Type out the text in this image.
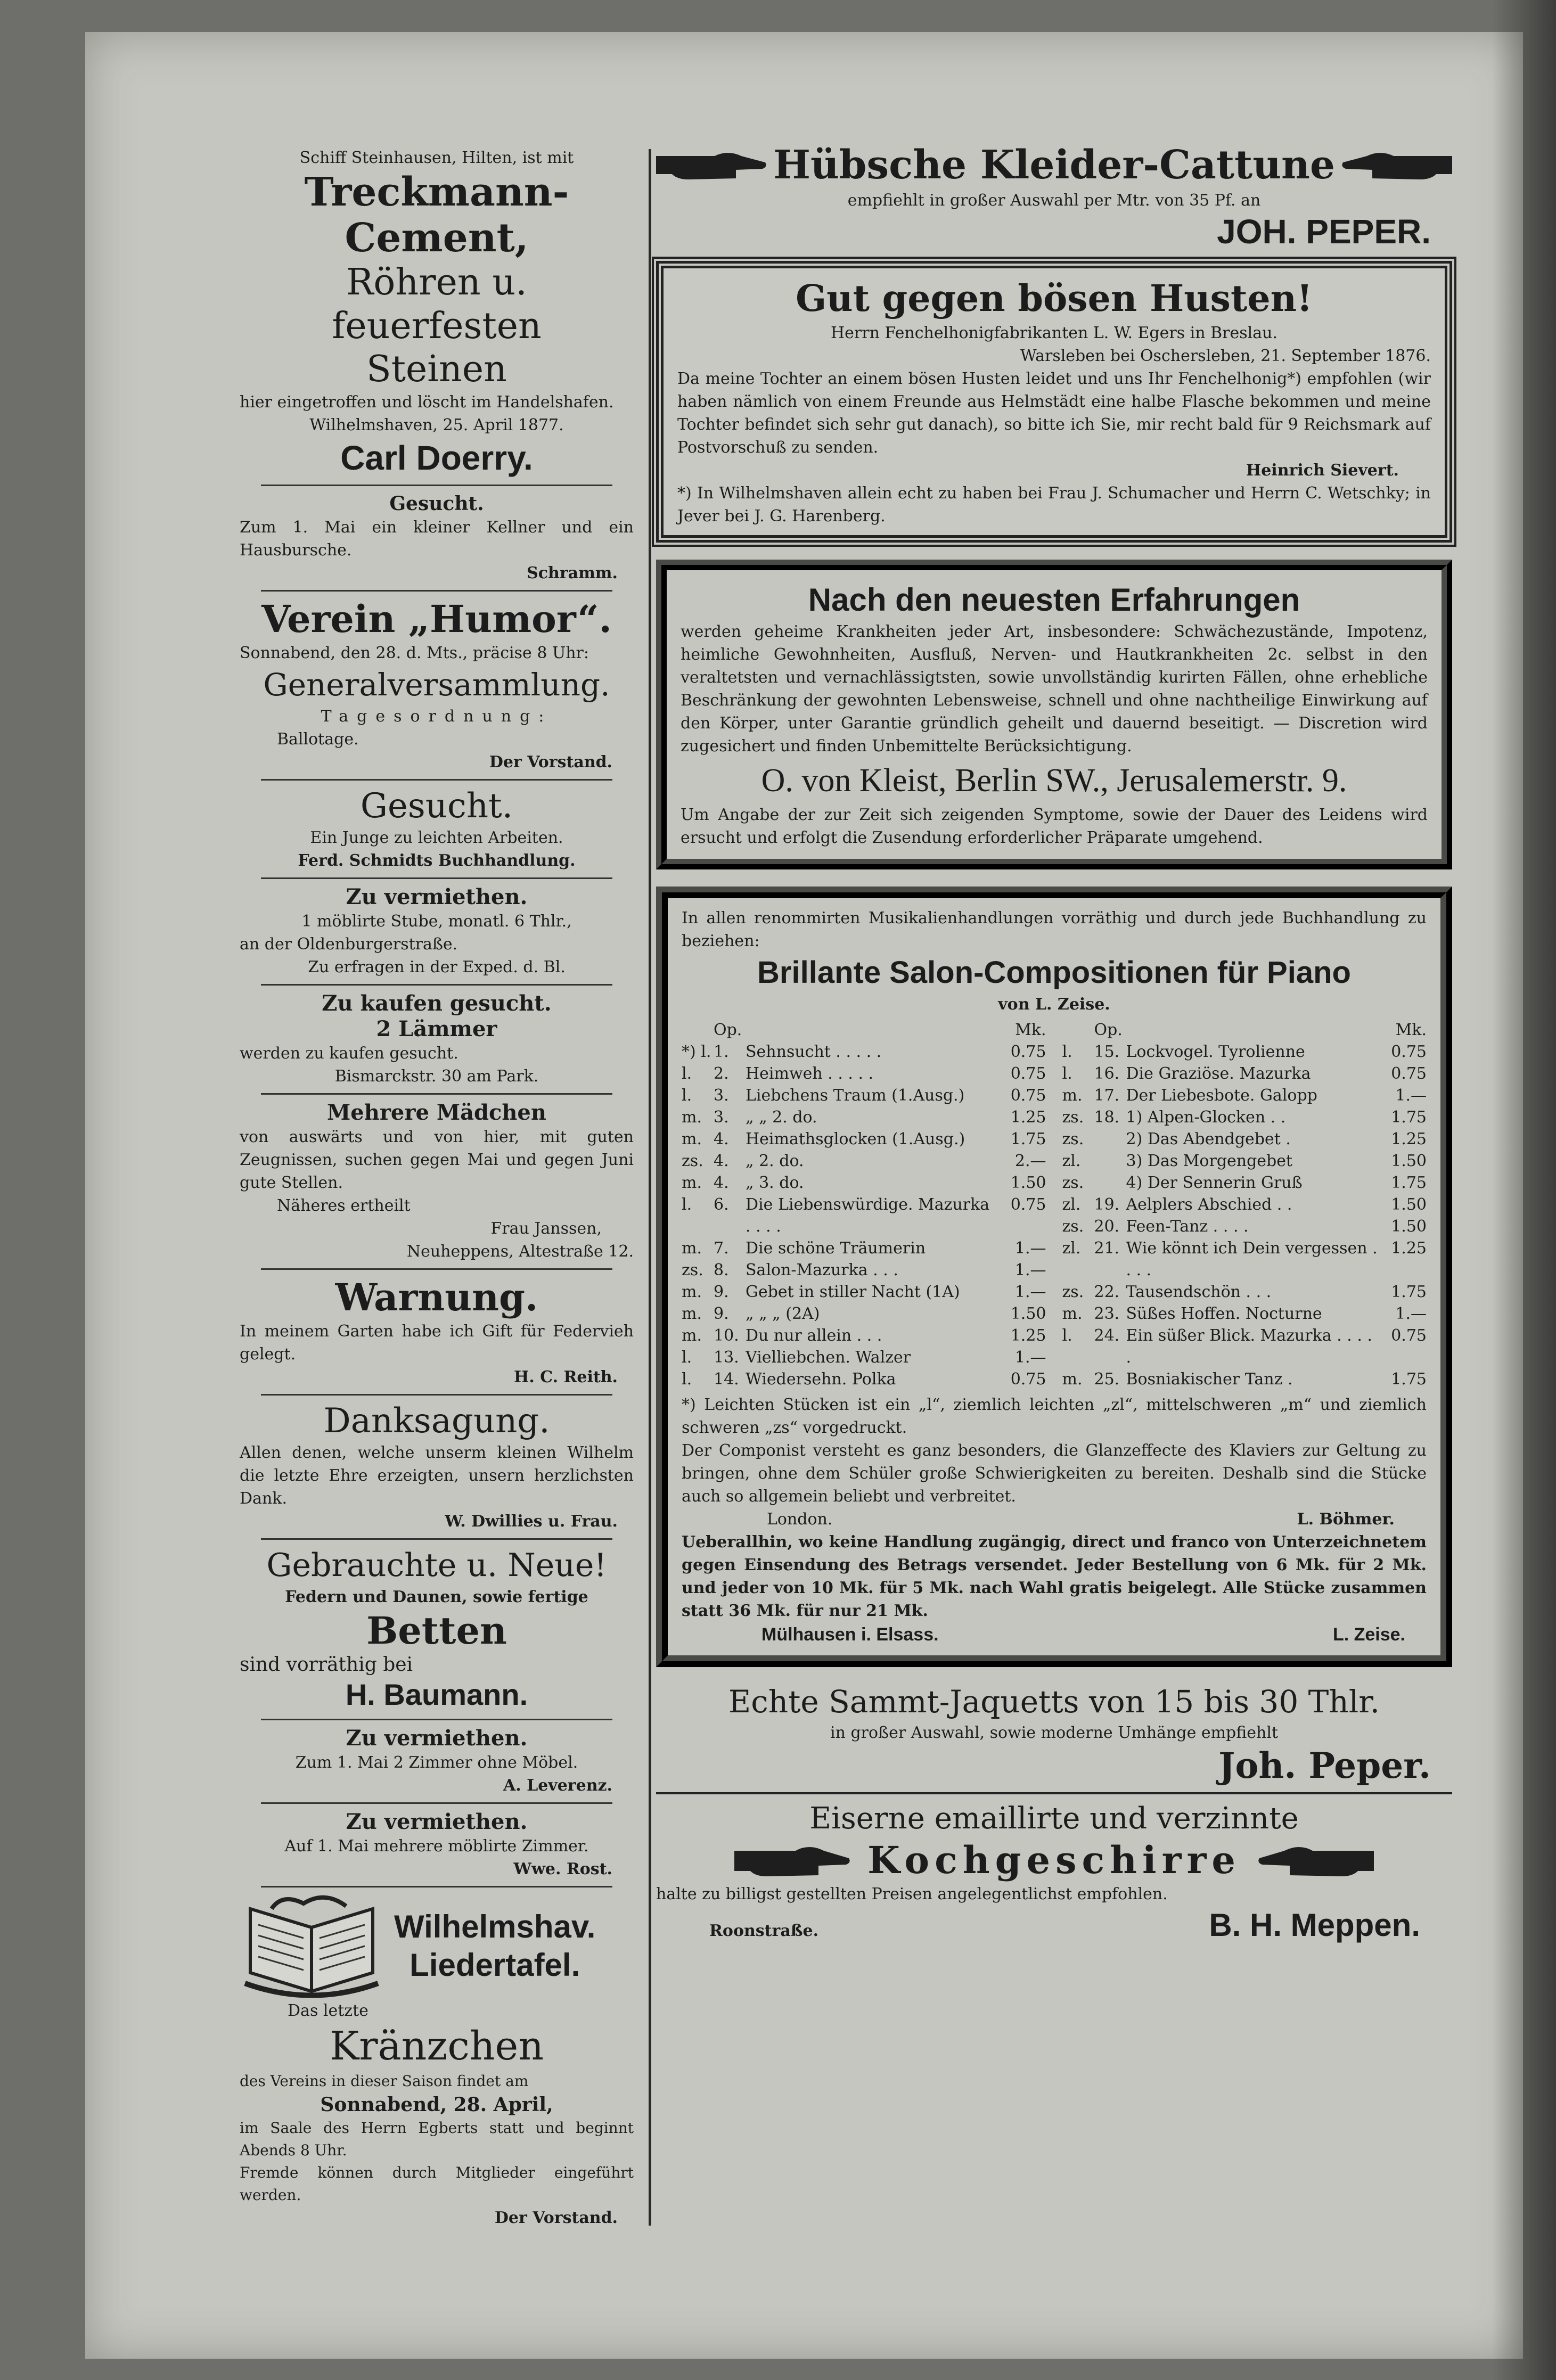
Schiff Steinhausen, Hilten, ist mit
Treckmann-Cement,
Röhren u. feuerfesten
Steinen
hier eingetroffen und löscht im Handelshafen.
Wilhelmshaven, 25. April 1877.
Carl Doerry.
Gesucht.
Zum 1. Mai ein kleiner Kellner und ein Hausbursche.
Schramm.
Verein „Humor“.
Sonnabend, den 28. d. Mts., präcise 8 Uhr:
Generalversammlung.
Tagesordnung:
Ballotage.
Der Vorstand.
Gesucht.
Ein Junge zu leichten Arbeiten.
Ferd. Schmidts Buchhandlung.
Zu vermiethen.
1 möblirte Stube, monatl. 6 Thlr.,
an der Oldenburgerstraße.
Zu erfragen in der Exped. d. Bl.
Zu kaufen gesucht.
2 Lämmer
werden zu kaufen gesucht.
Bismarckstr. 30 am Park.
Mehrere Mädchen
von auswärts und von hier, mit guten Zeugnissen, suchen gegen Mai und gegen Juni gute Stellen.
Näheres ertheilt
Frau Janssen,
Neuheppens, Altestraße 12.
Warnung.
In meinem Garten habe ich Gift für Federvieh gelegt.
H. C. Reith.
Danksagung.
Allen denen, welche unserm kleinen Wilhelm die letzte Ehre erzeigten, unsern herzlichsten Dank.
W. Dwillies u. Frau.
Gebrauchte u. Neue!
Federn und Daunen, sowie fertige
Betten
sind vorräthig bei
H. Baumann.
Zu vermiethen.
Zum 1. Mai 2 Zimmer ohne Möbel.
A. Leverenz.
Zu vermiethen.
Auf 1. Mai mehrere möblirte Zimmer.
Wwe. Rost.
Wilhelmshav.
Liedertafel.
Das letzte
Kränzchen
des Vereins in dieser Saison findet am
Sonnabend, 28. April,
im Saale des Herrn Egberts statt und beginnt Abends 8 Uhr.
Fremde können durch Mitglieder eingeführt werden.
Der Vorstand.
Hübsche Kleider-Cattune
empfiehlt in großer Auswahl per Mtr. von 35 Pf. an
JOH. PEPER.
Gut gegen bösen Husten!
Herrn Fenchelhonigfabrikanten L. W. Egers in Breslau.
Warsleben bei Oschersleben, 21. September 1876.
Da meine Tochter an einem bösen Husten leidet und uns Ihr Fenchelhonig*) empfohlen (wir haben nämlich von einem Freunde aus Helmstädt eine halbe Flasche bekommen und meine Tochter befindet sich sehr gut danach), so bitte ich Sie, mir recht bald für 9 Reichsmark auf Postvorschuß zu senden.
Heinrich Sievert.
*) In Wilhelmshaven allein echt zu haben bei Frau J. Schumacher und Herrn C. Wetschky; in Jever bei J. G. Harenberg.
Nach den neuesten Erfahrungen
werden geheime Krankheiten jeder Art, insbesondere: Schwächezustände, Impotenz, heimliche Gewohnheiten, Ausfluß, Nerven- und Hautkrankheiten 2c. selbst in den veraltetsten und vernachlässigtsten, sowie unvollständig kurirten Fällen, ohne erhebliche Beschränkung der gewohnten Lebensweise, schnell und ohne nachtheilige Einwirkung auf den Körper, unter Garantie gründlich geheilt und dauernd beseitigt. — Discretion wird zugesichert und finden Unbemittelte Berücksichtigung.
O. von Kleist, Berlin SW., Jerusalemerstr. 9.
Um Angabe der zur Zeit sich zeigenden Symptome, sowie der Dauer des Leidens wird ersucht und erfolgt die Zusendung erforderlicher Präparate umgehend.
In allen renommirten Musikalienhandlungen vorräthig und durch jede Buchhandlung zu beziehen:
Brillante Salon-Compositionen für Piano
von L. Zeise.
	Op.		Mk.
*) l.	1.	Sehnsucht . . . . .	0.75
l.	2.	Heimweh . . . . .	0.75
l.	3.	Liebchens Traum (1.Ausg.)	0.75
m.	3.	„ „ 2. do.	1.25
m.	4.	Heimathsglocken (1.Ausg.)	1.75
zs.	4.	„ 2. do.	2.—
m.	4.	„ 3. do.	1.50
l.	6.	Die Liebenswürdige. Mazurka . . . .	0.75
m.	7.	Die schöne Träumerin	1.—
zs.	8.	Salon-Mazurka . . .	1.—
m.	9.	Gebet in stiller Nacht (1A)	1.—
m.	9.	„ „ „ (2A)	1.50
m.	10.	Du nur allein . . .	1.25
l.	13.	Vielliebchen. Walzer	1.—
l.	14.	Wiedersehn. Polka	0.75
	Op.		Mk.
l.	15.	Lockvogel. Tyrolienne	0.75
l.	16.	Die Graziöse. Mazurka	0.75
m.	17.	Der Liebesbote. Galopp	1.—
zs.	18.	1) Alpen-Glocken . .	1.75
zs.		2) Das Abendgebet .	1.25
zl.		3) Das Morgengebet	1.50
zs.		4) Der Sennerin Gruß	1.75
zl.	19.	Aelplers Abschied . .	1.50
zs.	20.	Feen-Tanz . . . .	1.50
zl.	21.	Wie könnt ich Dein vergessen . . . .	1.25
zs.	22.	Tausendschön . . .	1.75
m.	23.	Süßes Hoffen. Nocturne	1.—
l.	24.	Ein süßer Blick. Mazurka . . . . .	0.75
m.	25.	Bosniakischer Tanz .	1.75
*) Leichten Stücken ist ein „l“, ziemlich leichten „zl“, mittelschweren „m“ und ziemlich schweren „zs“ vorgedruckt.
Der Componist versteht es ganz besonders, die Glanzeffecte des Klaviers zur Geltung zu bringen, ohne dem Schüler große Schwierigkeiten zu bereiten. Deshalb sind die Stücke auch so allgemein beliebt und verbreitet.
London.	L. Böhmer.
Ueberallhin, wo keine Handlung zugängig, direct und franco von Unterzeichnetem gegen Einsendung des Betrags versendet. Jeder Bestellung von 6 Mk. für 2 Mk. und jeder von 10 Mk. für 5 Mk. nach Wahl gratis beigelegt. Alle Stücke zusammen statt 36 Mk. für nur 21 Mk.
Mülhausen i. Elsass.	L. Zeise.
Echte Sammt-Jaquetts von 15 bis 30 Thlr.
in großer Auswahl, sowie moderne Umhänge empfiehlt
Joh. Peper.
Eiserne emaillirte und verzinnte
Kochgeschirre
halte zu billigst gestellten Preisen angelegentlichst empfohlen.
Roonstraße.	B. H. Meppen.
